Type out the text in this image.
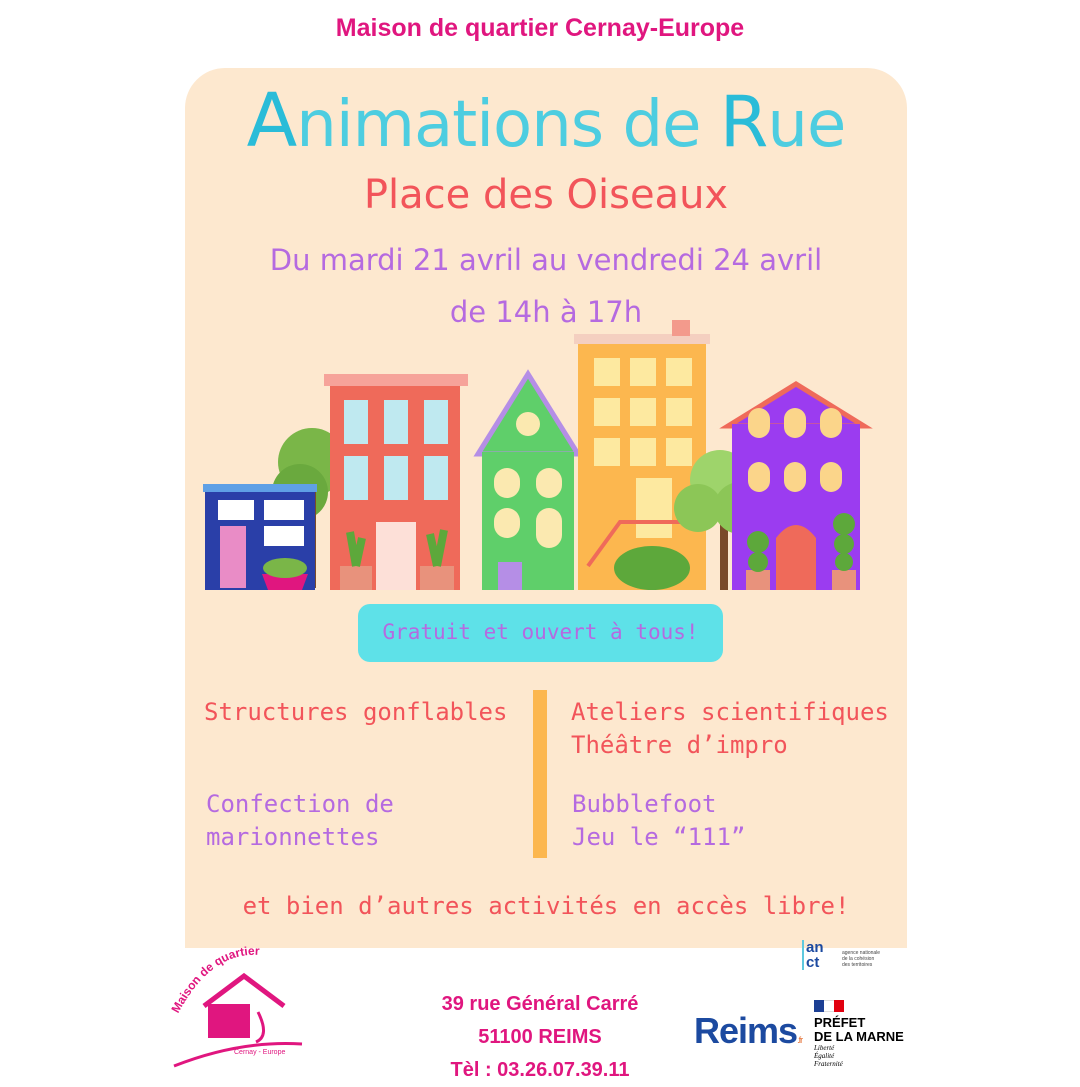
Maison de quartier Cernay-Europe
Animations de Rue
Place des Oiseaux
Du mardi 21 avril au vendredi 24 avril
de 14h à 17h
Gratuit et ouvert à tous!
Structures gonflables
Confection de
marionnettes
Ateliers scientifiques
Théâtre d’impro
Bubblefoot
Jeu le “111”
et bien d’autres activités en accès libre!
Maison de quartier
Cernay - Europe
39 rue Général Carré
51100 REIMS
Tèl : 03.26.07.39.11
Reims.fr
an
ct
agence nationale
de la cohésion
des territoires
PRÉFET
DE LA MARNE
Liberté
Égalité
Fraternité
